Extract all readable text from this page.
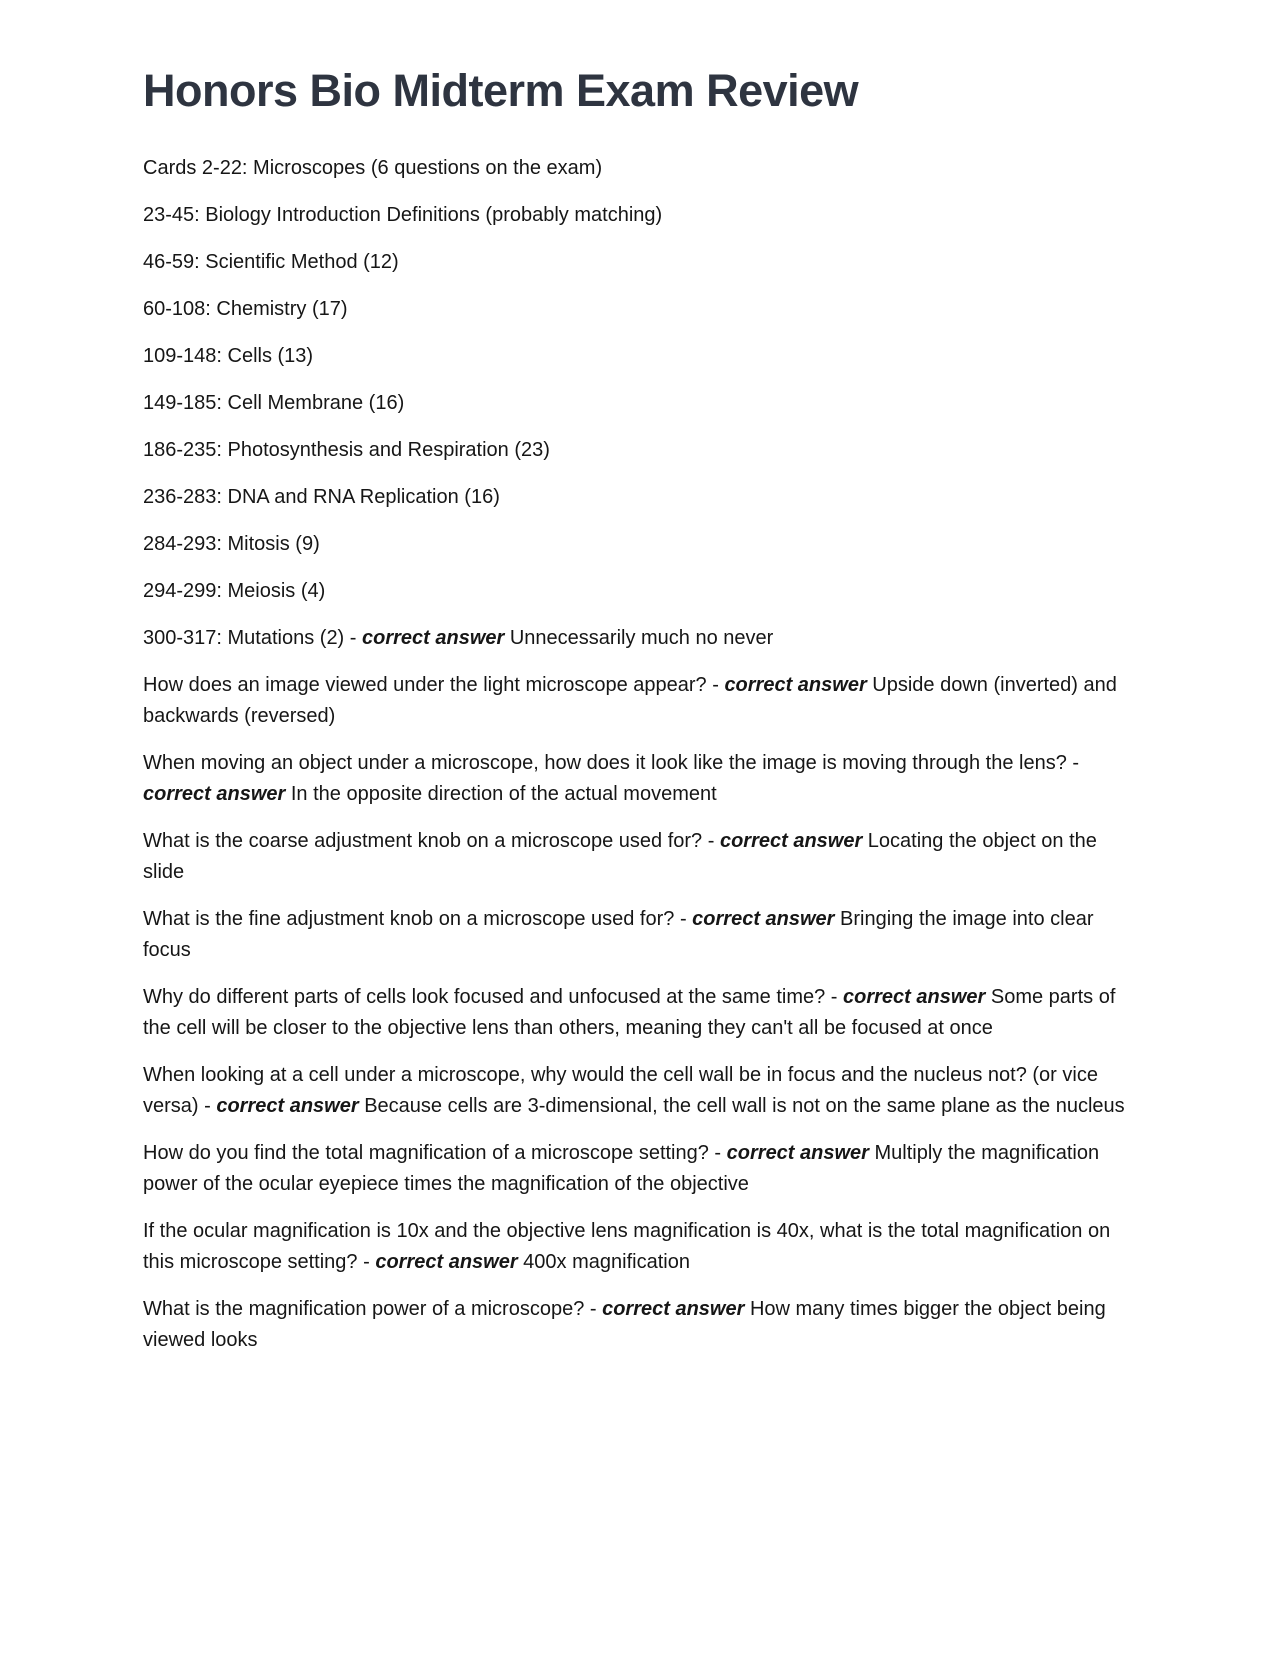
Honors Bio Midterm Exam Review

Cards 2-22: Microscopes (6 questions on the exam)

23-45: Biology Introduction Definitions (probably matching)

46-59: Scientific Method (12)

60-108: Chemistry (17)

109-148: Cells (13)

149-185: Cell Membrane (16)

186-235: Photosynthesis and Respiration (23)

236-283: DNA and RNA Replication (16)

284-293: Mitosis (9)

294-299: Meiosis (4)

300-317: Mutations (2) - correct answer Unnecessarily much no never

How does an image viewed under the light microscope appear? - correct answer Upside down (inverted) and backwards (reversed)

When moving an object under a microscope, how does it look like the image is moving through the lens? - correct answer In the opposite direction of the actual movement

What is the coarse adjustment knob on a microscope used for? - correct answer Locating the object on the slide

What is the fine adjustment knob on a microscope used for? - correct answer Bringing the image into clear focus

Why do different parts of cells look focused and unfocused at the same time? - correct answer Some parts of the cell will be closer to the objective lens than others, meaning they can't all be focused at once

When looking at a cell under a microscope, why would the cell wall be in focus and the nucleus not? (or vice versa) - correct answer Because cells are 3-dimensional, the cell wall is not on the same plane as the nucleus

How do you find the total magnification of a microscope setting? - correct answer Multiply the magnification power of the ocular eyepiece times the magnification of the objective

If the ocular magnification is 10x and the objective lens magnification is 40x, what is the total magnification on this microscope setting? - correct answer 400x magnification

What is the magnification power of a microscope? - correct answer How many times bigger the object being viewed looks
